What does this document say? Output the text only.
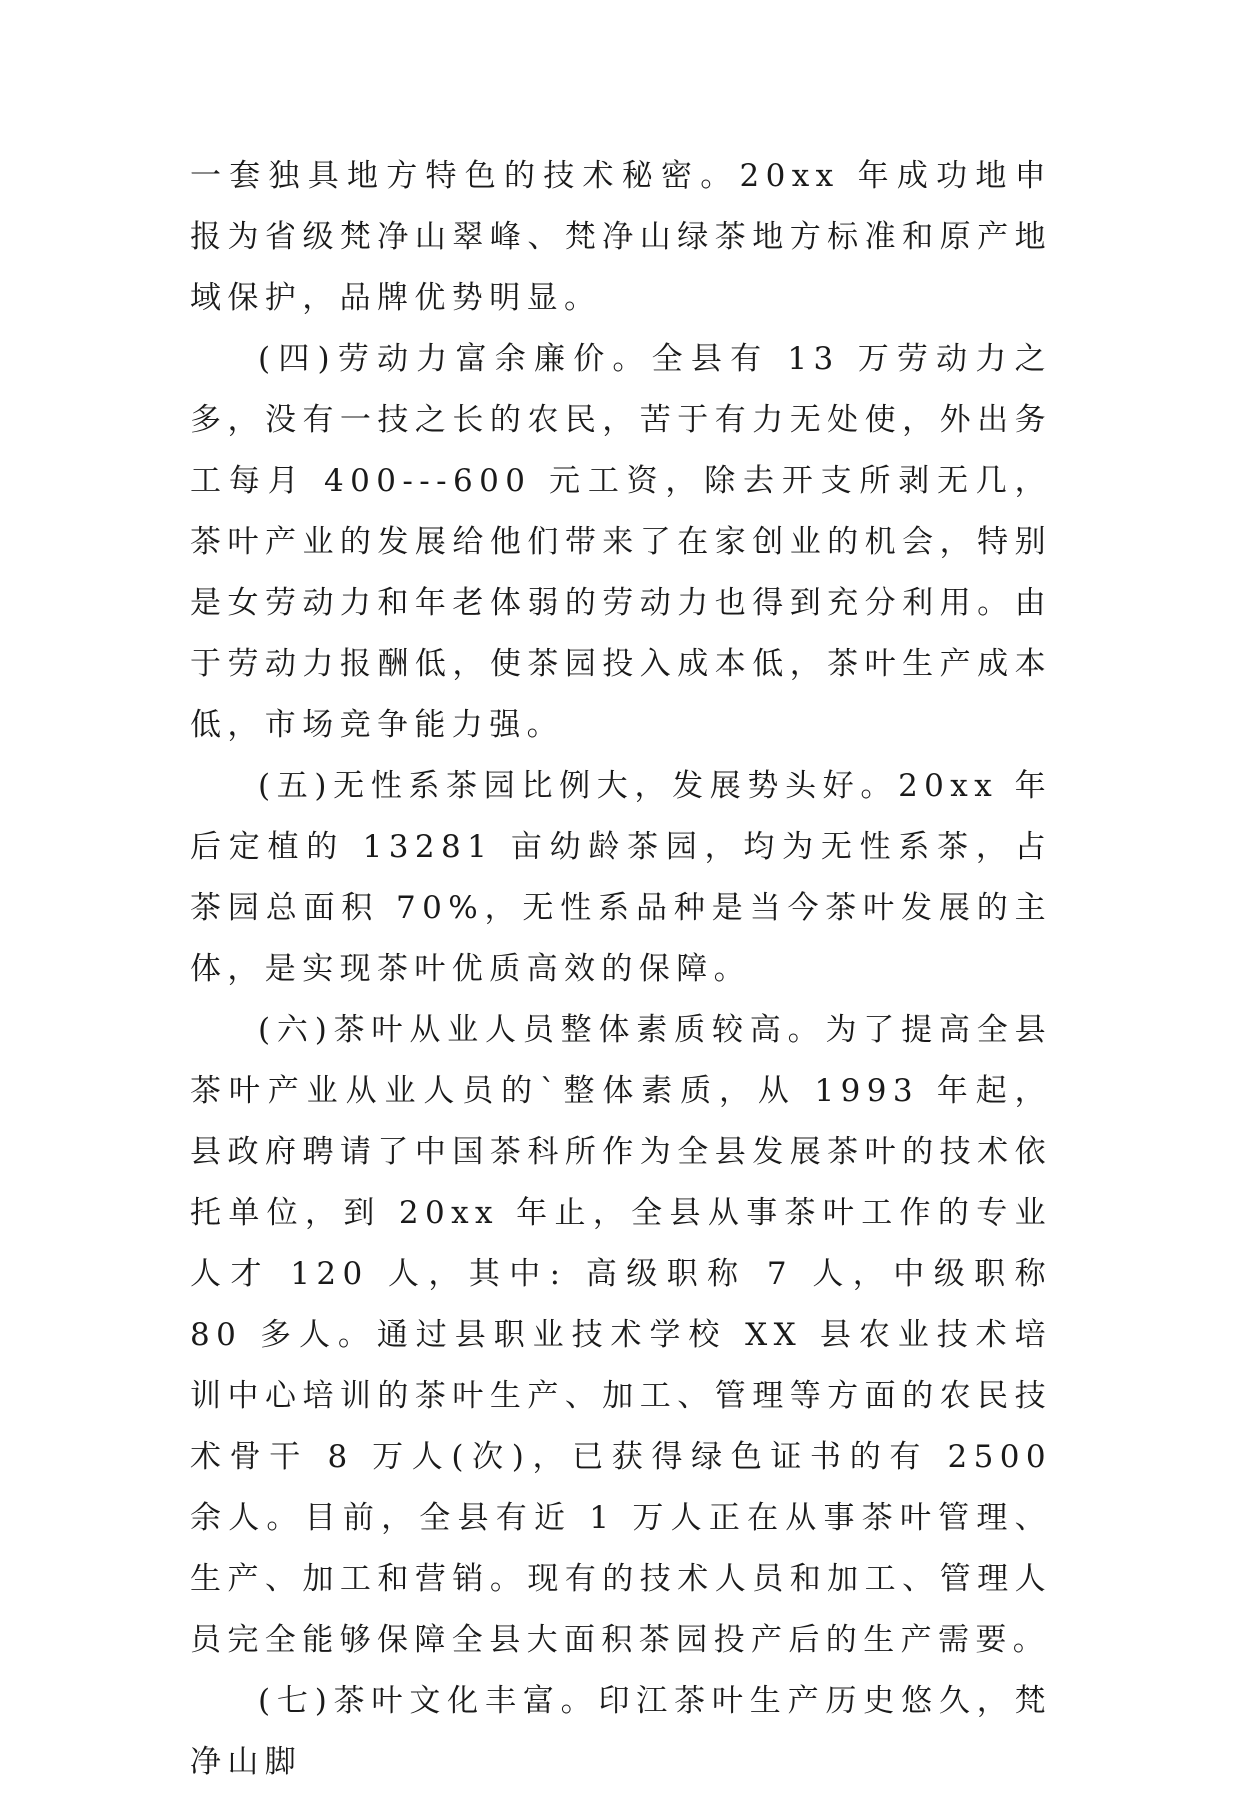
一套独具地方特色的技术秘密。20xx 年成功地申报为省级梵净山翠峰、梵净山绿茶地方标准和原产地域保护，品牌优势明显。

(四)劳动力富余廉价。全县有 13 万劳动力之多，没有一技之长的农民，苦于有力无处使，外出务工每月 400---600 元工资，除去开支所剥无几，茶叶产业的发展给他们带来了在家创业的机会，特别是女劳动力和年老体弱的劳动力也得到充分利用。由于劳动力报酬低，使茶园投入成本低，茶叶生产成本低，市场竞争能力强。

(五)无性系茶园比例大，发展势头好。20xx 年后定植的 13281 亩幼龄茶园，均为无性系茶，占茶园总面积 70%，无性系品种是当今茶叶发展的主体，是实现茶叶优质高效的保障。

(六)茶叶从业人员整体素质较高。为了提高全县茶叶产业从业人员的`整体素质，从 1993 年起，县政府聘请了中国茶科所作为全县发展茶叶的技术依托单位，到 20xx 年止，全县从事茶叶工作的专业人才 120 人，其中: 高级职称 7 人，中级职称 80 多人。通过县职业技术学校 XX 县农业技术培训中心培训的茶叶生产、加工、管理等方面的农民技术骨干 8 万人(次)，已获得绿色证书的有 2500 余人。目前，全县有近 1 万人正在从事茶叶管理、生产、加工和营销。现有的技术人员和加工、管理人员完全能够保障全县大面积茶园投产后的生产需要。

(七)茶叶文化丰富。印江茶叶生产历史悠久，梵净山脚
